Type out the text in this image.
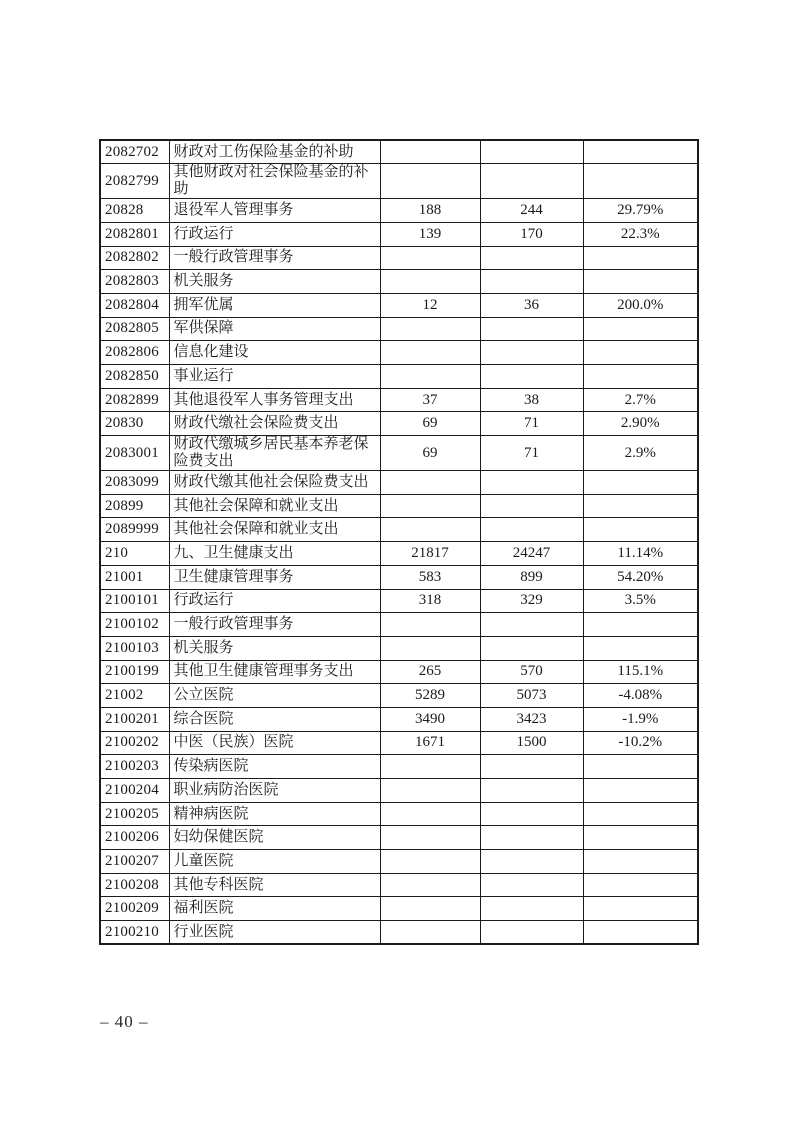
2082702	财政对工伤保险基金的补助			
2082799	其他财政对社会保险基金的补助			
20828	退役军人管理事务	188	244	29.79%
2082801	行政运行	139	170	22.3%
2082802	一般行政管理事务			
2082803	机关服务			
2082804	拥军优属	12	36	200.0%
2082805	军供保障			
2082806	信息化建设			
2082850	事业运行			
2082899	其他退役军人事务管理支出	37	38	2.7%
20830	财政代缴社会保险费支出	69	71	2.90%
2083001	财政代缴城乡居民基本养老保险费支出	69	71	2.9%
2083099	财政代缴其他社会保险费支出			
20899	其他社会保障和就业支出			
2089999	其他社会保障和就业支出			
210	九、卫生健康支出	21817	24247	11.14%
21001	卫生健康管理事务	583	899	54.20%
2100101	行政运行	318	329	3.5%
2100102	一般行政管理事务			
2100103	机关服务			
2100199	其他卫生健康管理事务支出	265	570	115.1%
21002	公立医院	5289	5073	-4.08%
2100201	综合医院	3490	3423	-1.9%
2100202	中医（民族）医院	1671	1500	-10.2%
2100203	传染病医院			
2100204	职业病防治医院			
2100205	精神病医院			
2100206	妇幼保健医院			
2100207	儿童医院			
2100208	其他专科医院			
2100209	福利医院			
2100210	行业医院			
– 40 –
